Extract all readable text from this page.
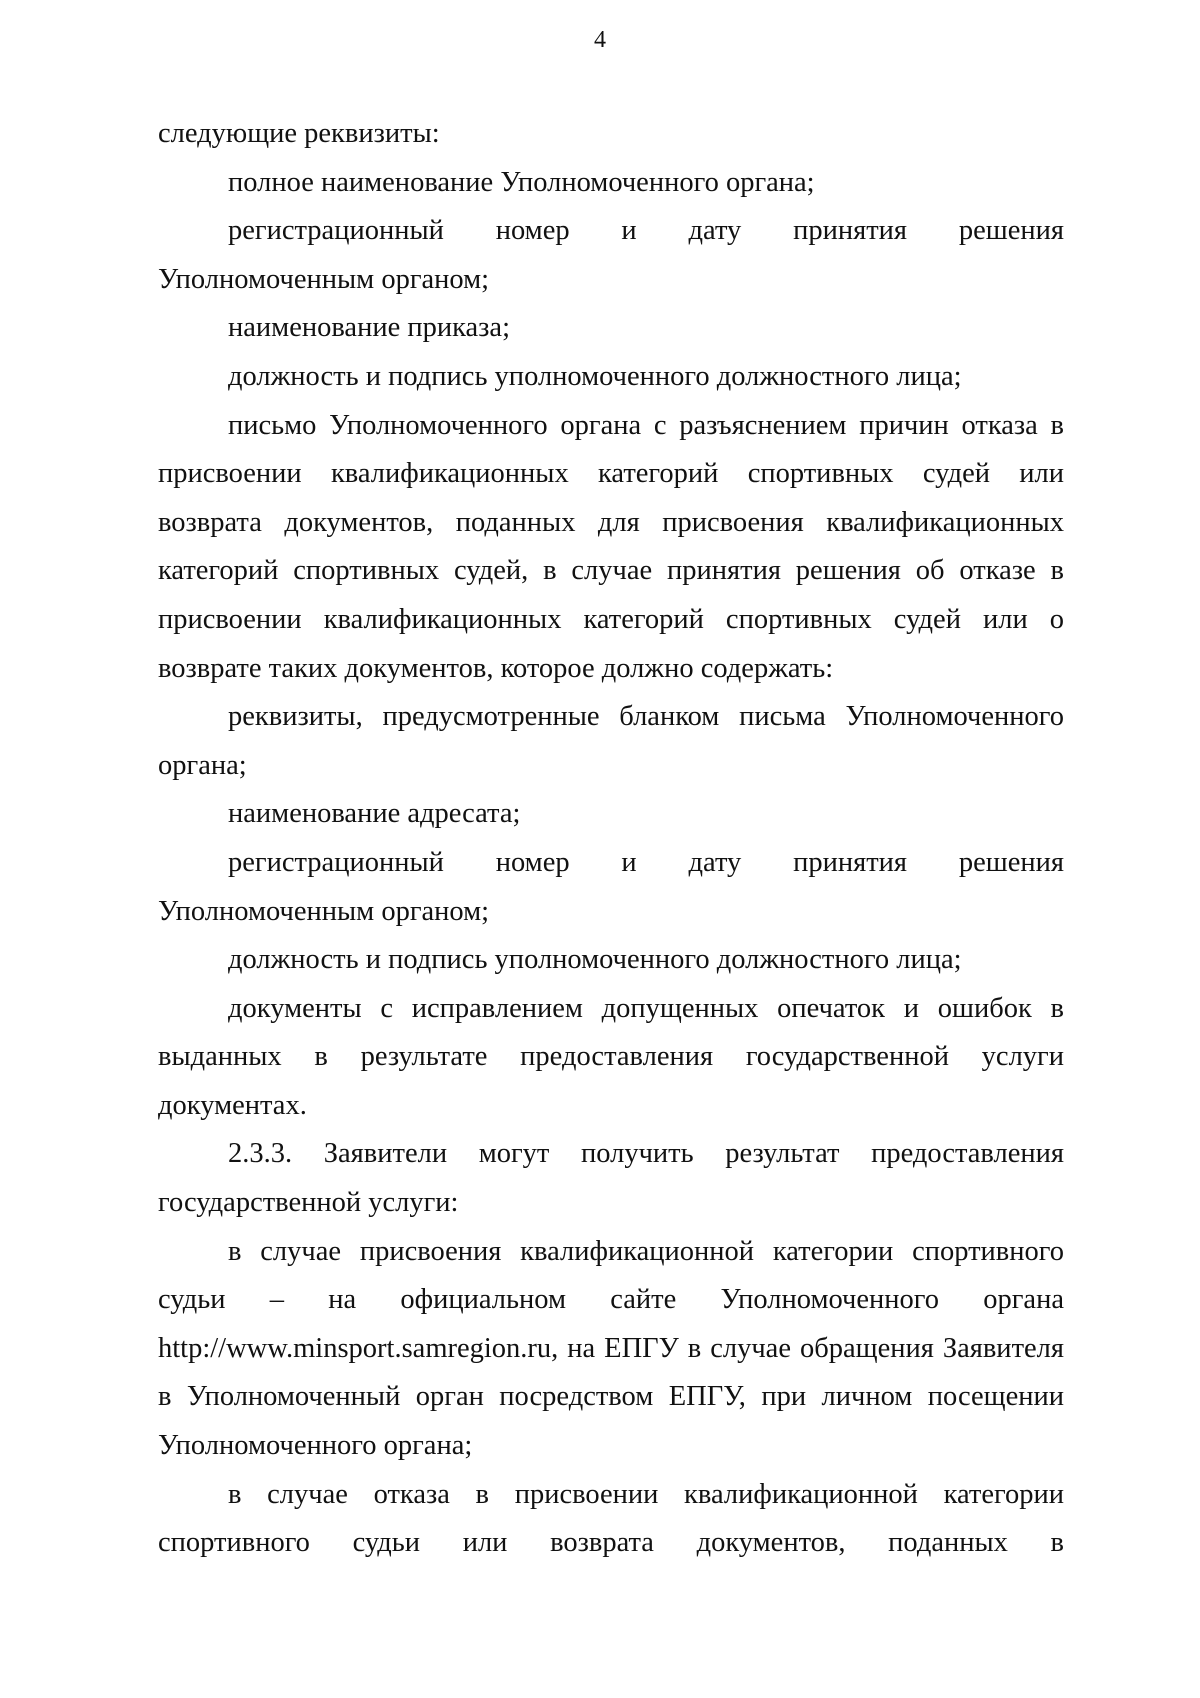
4
следующие реквизиты:
полное наименование Уполномоченного органа;
регистрационный номер и дату принятия решения
Уполномоченным органом;
наименование приказа;
должность и подпись уполномоченного должностного лица;
письмо Уполномоченного органа с разъяснением причин отказа в
присвоении квалификационных категорий спортивных судей или
возврата документов, поданных для присвоения квалификационных
категорий спортивных судей, в случае принятия решения об отказе в
присвоении квалификационных категорий спортивных судей или о
возврате таких документов, которое должно содержать:
реквизиты, предусмотренные бланком письма Уполномоченного
органа;
наименование адресата;
регистрационный номер и дату принятия решения
Уполномоченным органом;
должность и подпись уполномоченного должностного лица;
документы с исправлением допущенных опечаток и ошибок в
выданных в результате предоставления государственной услуги
документах.
2.3.3. Заявители могут получить результат предоставления
государственной услуги:
в случае присвоения квалификационной категории спортивного
судьи – на официальном сайте Уполномоченного органа
http://www.minsport.samregion.ru, на ЕПГУ в случае обращения Заявителя
в Уполномоченный орган посредством ЕПГУ, при личном посещении
Уполномоченного органа;
в случае отказа в присвоении квалификационной категории
спортивного судьи или возврата документов, поданных в
